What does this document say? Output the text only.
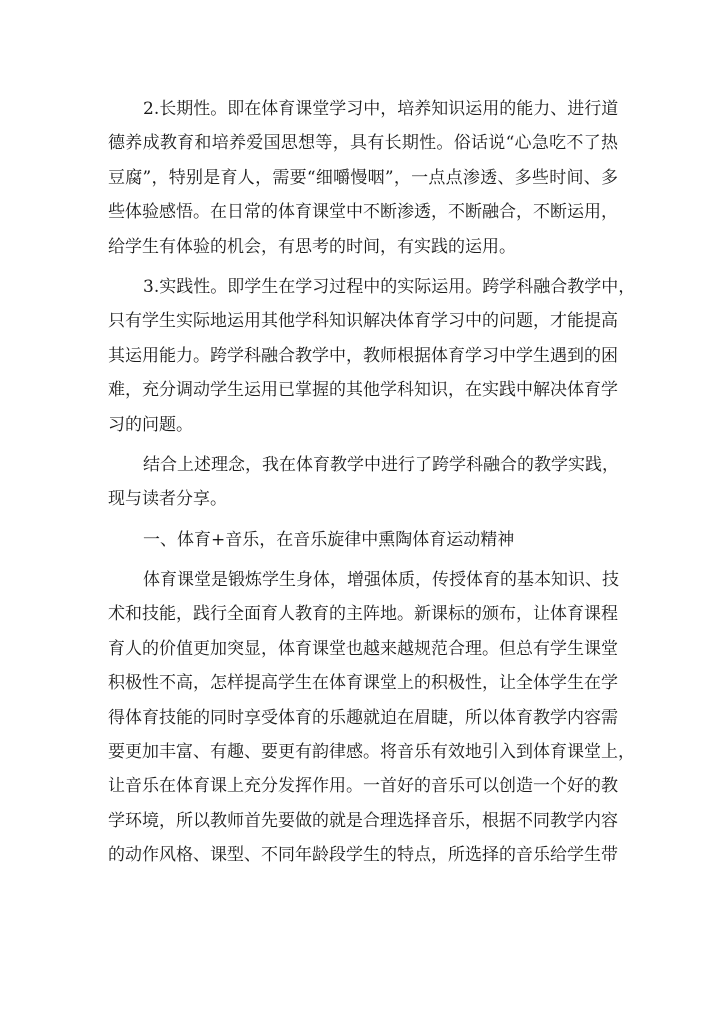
2.长期性。即在体育课堂学习中，培养知识运用的能力、进行道
德养成教育和培养爱国思想等，具有长期性。俗话说“心急吃不了热
豆腐”，特别是育人，需要“细嚼慢咽”，一点点渗透、多些时间、多
些体验感悟。在日常的体育课堂中不断渗透，不断融合，不断运用，
给学生有体验的机会，有思考的时间，有实践的运用。
3.实践性。即学生在学习过程中的实际运用。跨学科融合教学中，
只有学生实际地运用其他学科知识解决体育学习中的问题，才能提高
其运用能力。跨学科融合教学中，教师根据体育学习中学生遇到的困
难，充分调动学生运用已掌握的其他学科知识，在实践中解决体育学
习的问题。
结合上述理念，我在体育教学中进行了跨学科融合的教学实践，
现与读者分享。
一、体育+音乐，在音乐旋律中熏陶体育运动精神
体育课堂是锻炼学生身体，增强体质，传授体育的基本知识、技
术和技能，践行全面育人教育的主阵地。新课标的颁布，让体育课程
育人的价值更加突显，体育课堂也越来越规范合理。但总有学生课堂
积极性不高，怎样提高学生在体育课堂上的积极性，让全体学生在学
得体育技能的同时享受体育的乐趣就迫在眉睫，所以体育教学内容需
要更加丰富、有趣、要更有韵律感。将音乐有效地引入到体育课堂上，
让音乐在体育课上充分发挥作用。一首好的音乐可以创造一个好的教
学环境，所以教师首先要做的就是合理选择音乐，根据不同教学内容
的动作风格、课型、不同年龄段学生的特点，所选择的音乐给学生带
